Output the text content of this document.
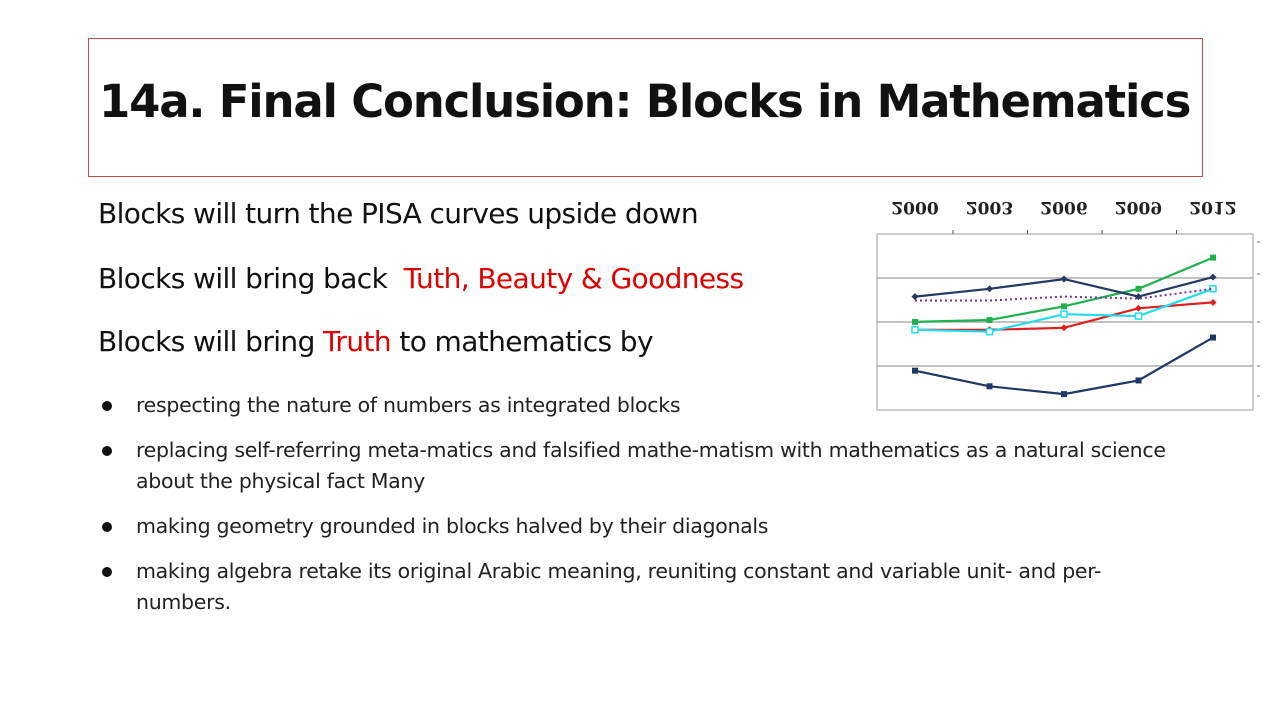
14a. Final Conclusion: Blocks in Mathematics

Blocks will turn the PISA curves upside down

Blocks will bring back  Tuth, Beauty & Goodness

Blocks will bring Truth to mathematics by

respecting the nature of numbers as integrated blocks
replacing self-referring meta-matics and falsified mathe-matism with mathematics as a natural science about the physical fact Many
making geometry grounded in blocks halved by their diagonals
making algebra retake its original Arabic meaning, reuniting constant and variable unit- and per-numbers.
2000 2003 2006 2009 2012
